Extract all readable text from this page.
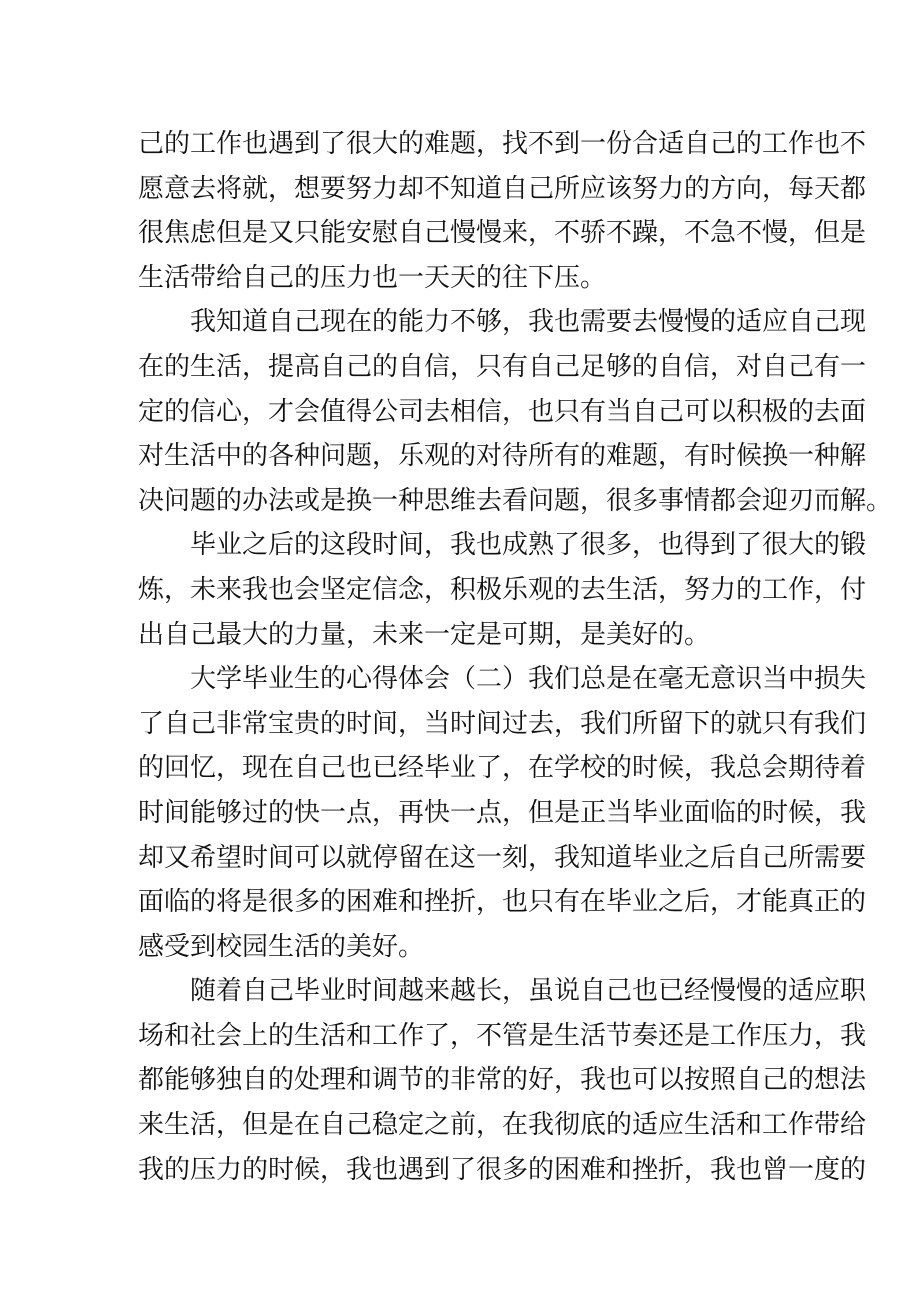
己的工作也遇到了很大的难题，找不到一份合适自己的工作也不
愿意去将就，想要努力却不知道自己所应该努力的方向，每天都
很焦虑但是又只能安慰自己慢慢来，不骄不躁，不急不慢，但是
生活带给自己的压力也一天天的往下压。
我知道自己现在的能力不够，我也需要去慢慢的适应自己现
在的生活，提高自己的自信，只有自己足够的自信，对自己有一
定的信心，才会值得公司去相信，也只有当自己可以积极的去面
对生活中的各种问题，乐观的对待所有的难题，有时候换一种解
决问题的办法或是换一种思维去看问题，很多事情都会迎刃而解。
毕业之后的这段时间，我也成熟了很多，也得到了很大的锻
炼，未来我也会坚定信念，积极乐观的去生活，努力的工作，付
出自己最大的力量，未来一定是可期，是美好的。
大学毕业生的心得体会（二）我们总是在毫无意识当中损失
了自己非常宝贵的时间，当时间过去，我们所留下的就只有我们
的回忆，现在自己也已经毕业了，在学校的时候，我总会期待着
时间能够过的快一点，再快一点，但是正当毕业面临的时候，我
却又希望时间可以就停留在这一刻，我知道毕业之后自己所需要
面临的将是很多的困难和挫折，也只有在毕业之后，才能真正的
感受到校园生活的美好。
随着自己毕业时间越来越长，虽说自己也已经慢慢的适应职
场和社会上的生活和工作了，不管是生活节奏还是工作压力，我
都能够独自的处理和调节的非常的好，我也可以按照自己的想法
来生活，但是在自己稳定之前，在我彻底的适应生活和工作带给
我的压力的时候，我也遇到了很多的困难和挫折，我也曾一度的
